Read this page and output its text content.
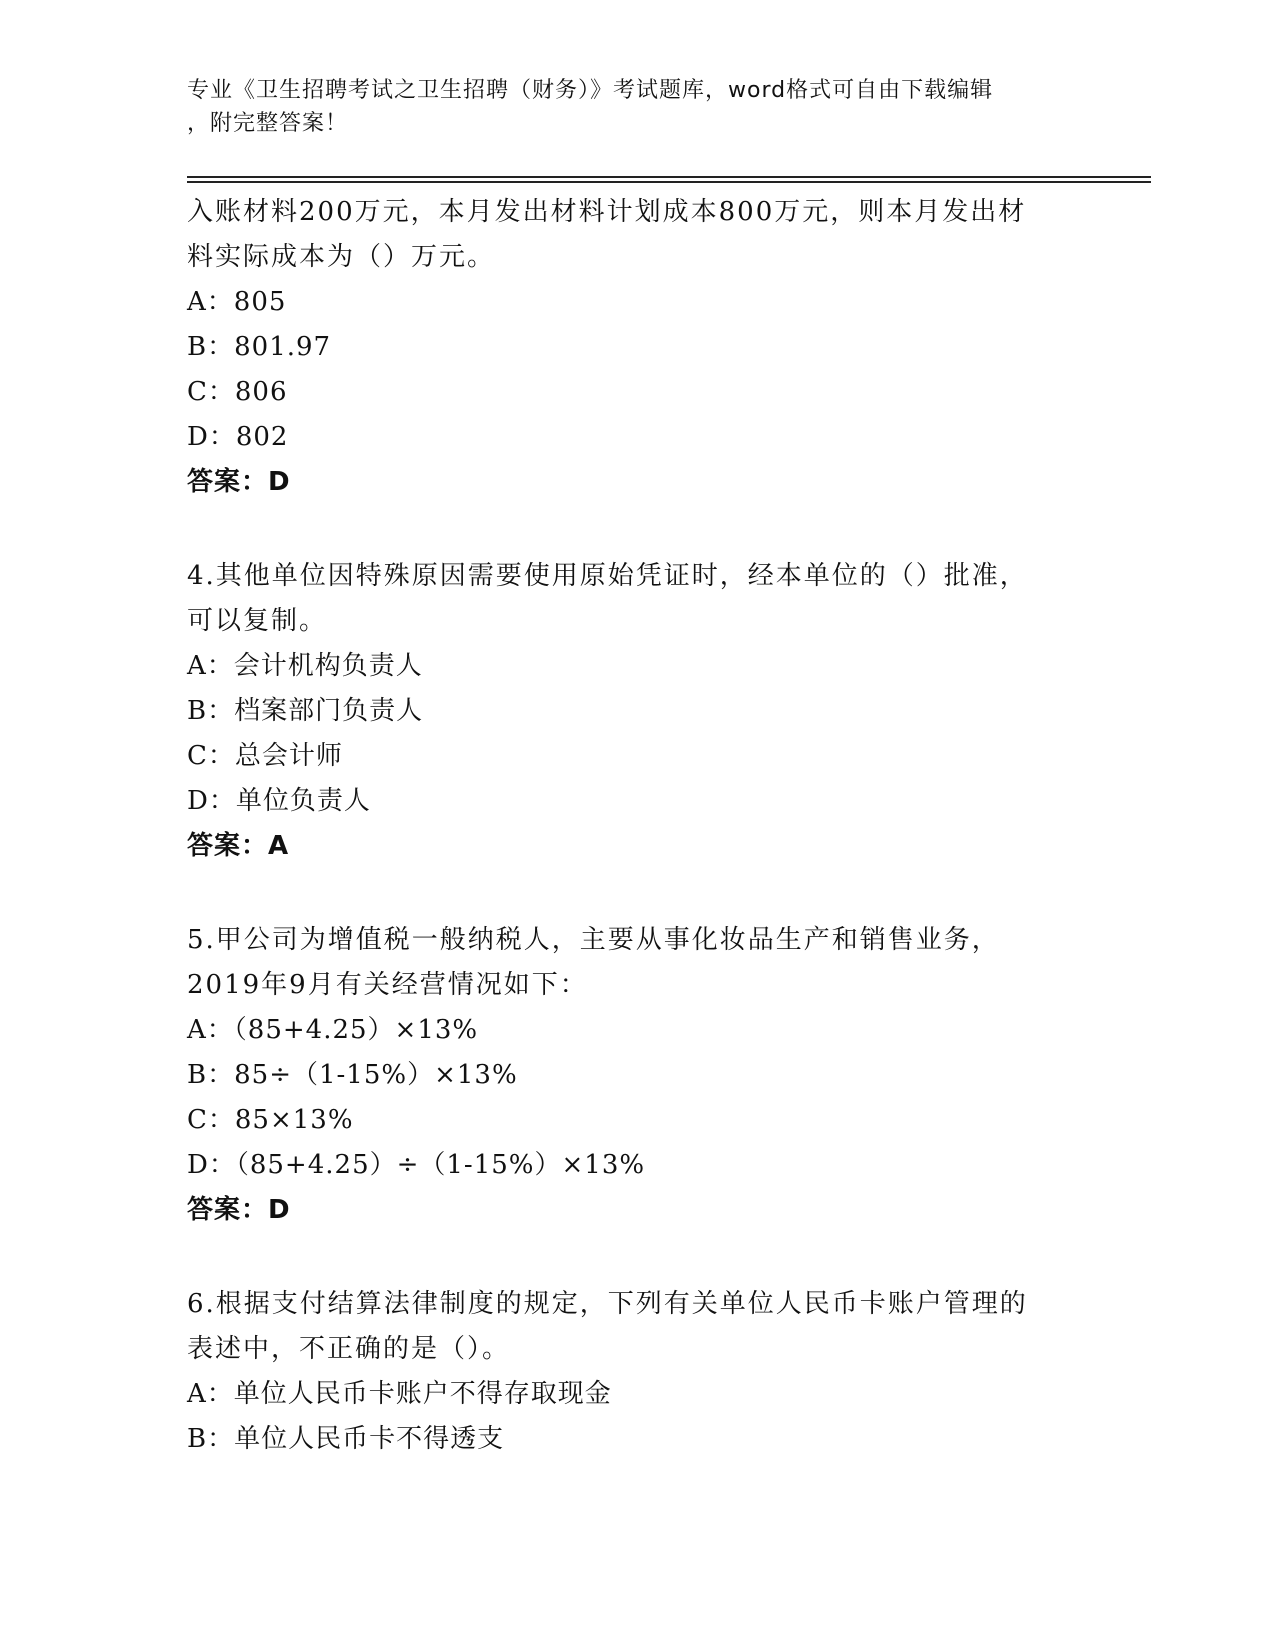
专业《卫生招聘考试之卫生招聘（财务）》考试题库，word格式可自由下载编辑
，附完整答案！
入账材料200万元，本月发出材料计划成本800万元，则本月发出材
料实际成本为（）万元。
A：805
B：801.97
C：806
D：802
答案：D
4.其他单位因特殊原因需要使用原始凭证时，经本单位的（）批准，
可以复制。
A：会计机构负责人
B：档案部门负责人
C：总会计师
D：单位负责人
答案：A
5.甲公司为增值税一般纳税人，主要从事化妆品生产和销售业务，
2019年9月有关经营情况如下：
A：（85+4.25）×13%
B：85÷（1-15%）×13%
C：85×13%
D：（85+4.25）÷（1-15%）×13%
答案：D
6.根据支付结算法律制度的规定，下列有关单位人民币卡账户管理的
表述中，不正确的是（）。
A：单位人民币卡账户不得存取现金
B：单位人民币卡不得透支
